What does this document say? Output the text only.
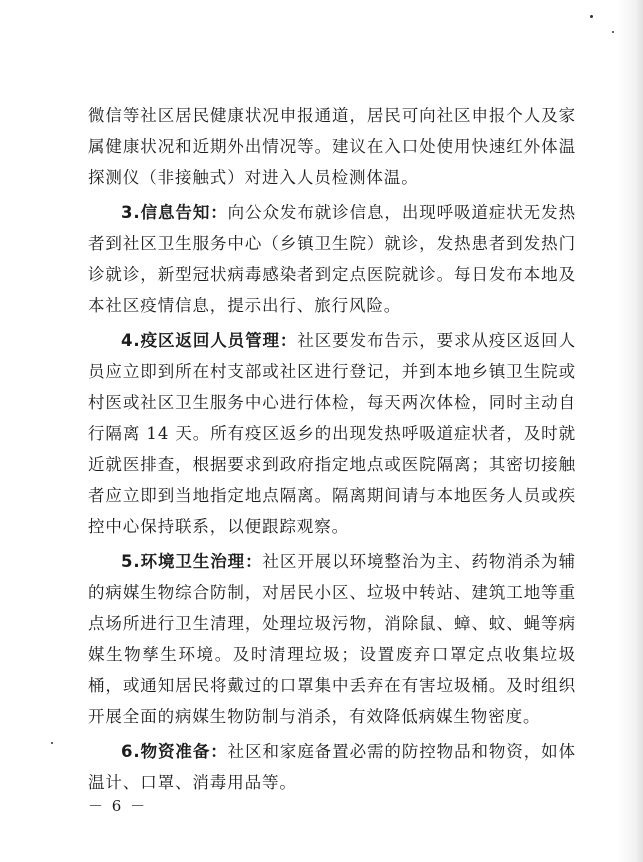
微信等社区居民健康状况申报通道，居民可向社区申报个人及家属健康状况和近期外出情况等。建议在入口处使用快速红外体温探测仪（非接触式）对进入人员检测体温。

3.信息告知：向公众发布就诊信息，出现呼吸道症状无发热者到社区卫生服务中心（乡镇卫生院）就诊，发热患者到发热门诊就诊，新型冠状病毒感染者到定点医院就诊。每日发布本地及本社区疫情信息，提示出行、旅行风险。

4.疫区返回人员管理：社区要发布告示，要求从疫区返回人员应立即到所在村支部或社区进行登记，并到本地乡镇卫生院或村医或社区卫生服务中心进行体检，每天两次体检，同时主动自行隔离 14 天。所有疫区返乡的出现发热呼吸道症状者，及时就近就医排查，根据要求到政府指定地点或医院隔离；其密切接触者应立即到当地指定地点隔离。隔离期间请与本地医务人员或疾控中心保持联系，以便跟踪观察。

5.环境卫生治理：社区开展以环境整治为主、药物消杀为辅的病媒生物综合防制，对居民小区、垃圾中转站、建筑工地等重点场所进行卫生清理，处理垃圾污物，消除鼠、蟑、蚊、蝇等病媒生物孳生环境。及时清理垃圾；设置废弃口罩定点收集垃圾桶，或通知居民将戴过的口罩集中丢弃在有害垃圾桶。及时组织开展全面的病媒生物防制与消杀，有效降低病媒生物密度。

6.物资准备：社区和家庭备置必需的防控物品和物资，如体温计、口罩、消毒用品等。

－ 6 －
